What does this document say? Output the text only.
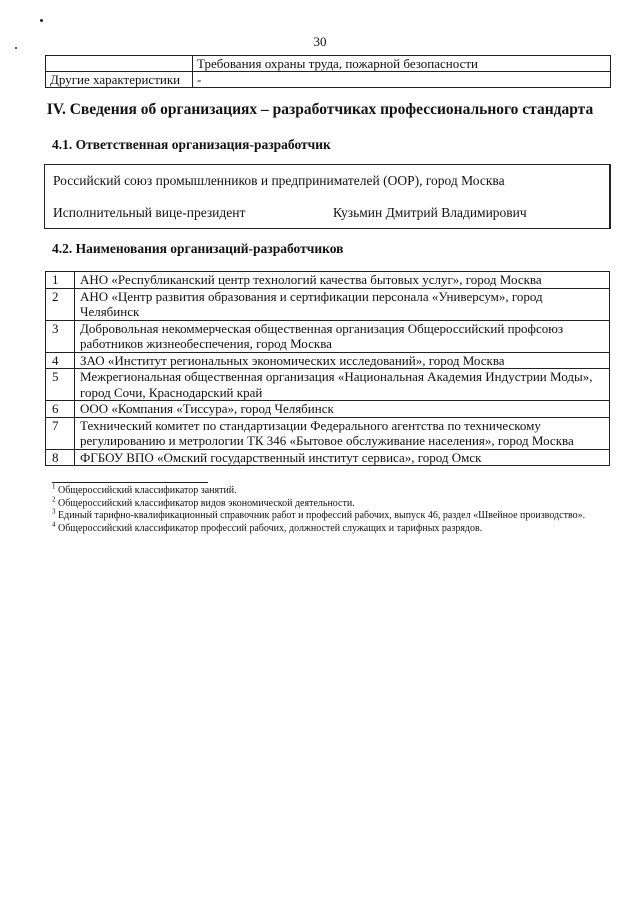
30
	Требования охраны труда, пожарной безопасности
Другие характеристики	-
IV. Сведения об организациях – разработчиках профессионального стандарта
4.1. Ответственная организация-разработчик
Российский союз промышленников и предпринимателей (ООР), город Москва
Исполнительный вице-президент	Кузьмин Дмитрий Владимирович
4.2. Наименования организаций-разработчиков
1	АНО «Республиканский центр технологий качества бытовых услуг», город Москва
2	АНО «Центр развития образования и сертификации персонала «Универсум», город Челябинск
3	Добровольная некоммерческая общественная организация Общероссийский профсоюз работников жизнеобеспечения, город Москва
4	ЗАО «Институт региональных экономических исследований», город Москва
5	Межрегиональная общественная организация «Национальная Академия Индустрии Моды», город Сочи, Краснодарский край
6	ООО «Компания «Тиссура», город Челябинск
7	Технический комитет по стандартизации Федерального агентства по техническому регулированию и метрологии ТК 346 «Бытовое обслуживание населения», город Москва
8	ФГБОУ ВПО «Омский государственный институт сервиса», город Омск

$^1$ Общероссийский классификатор занятий.

$^2$ Общероссийский классификатор видов экономической деятельности.

$^3$ Единый тарифно-квалификационный справочник работ и профессий рабочих, выпуск 46, раздел «Швейное производство».

$^4$ Общероссийский классификатор профессий рабочих, должностей служащих и тарифных разрядов.
